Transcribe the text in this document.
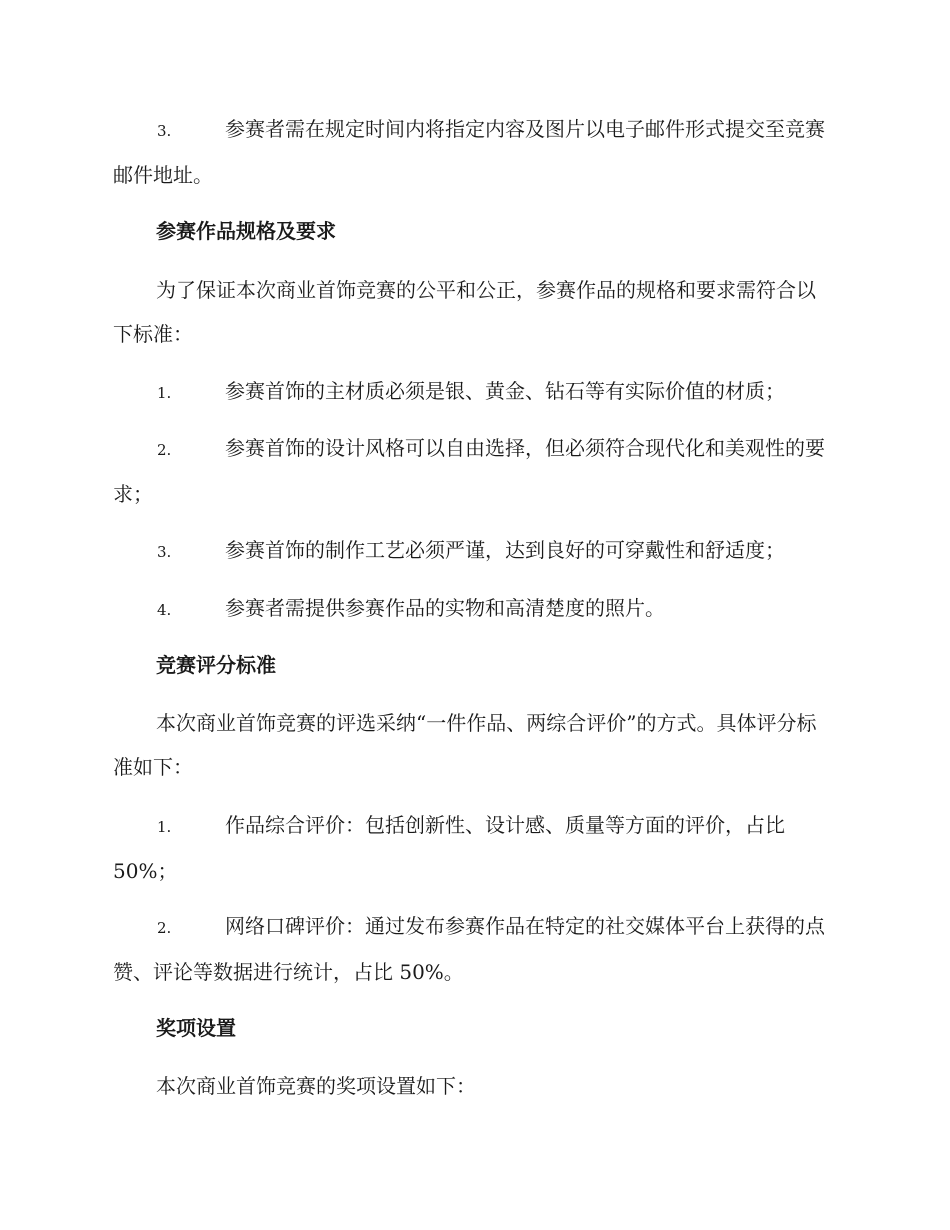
3.	参赛者需在规定时间内将指定内容及图片以电子邮件形式提交至竞赛邮件地址。
参赛作品规格及要求
为了保证本次商业首饰竞赛的公平和公正，参赛作品的规格和要求需符合以下标准：
1.	参赛首饰的主材质必须是银、黄金、钻石等有实际价值的材质；
2.	参赛首饰的设计风格可以自由选择，但必须符合现代化和美观性的要求；
3.	参赛首饰的制作工艺必须严谨，达到良好的可穿戴性和舒适度；
4.	参赛者需提供参赛作品的实物和高清楚度的照片。
竞赛评分标准
本次商业首饰竞赛的评选采纳“一件作品、两综合评价”的方式。具体评分标准如下：
1.	作品综合评价：包括创新性、设计感、质量等方面的评价，占比50%；
2.	网络口碑评价：通过发布参赛作品在特定的社交媒体平台上获得的点赞、评论等数据进行统计，占比 50%。
奖项设置
本次商业首饰竞赛的奖项设置如下：
